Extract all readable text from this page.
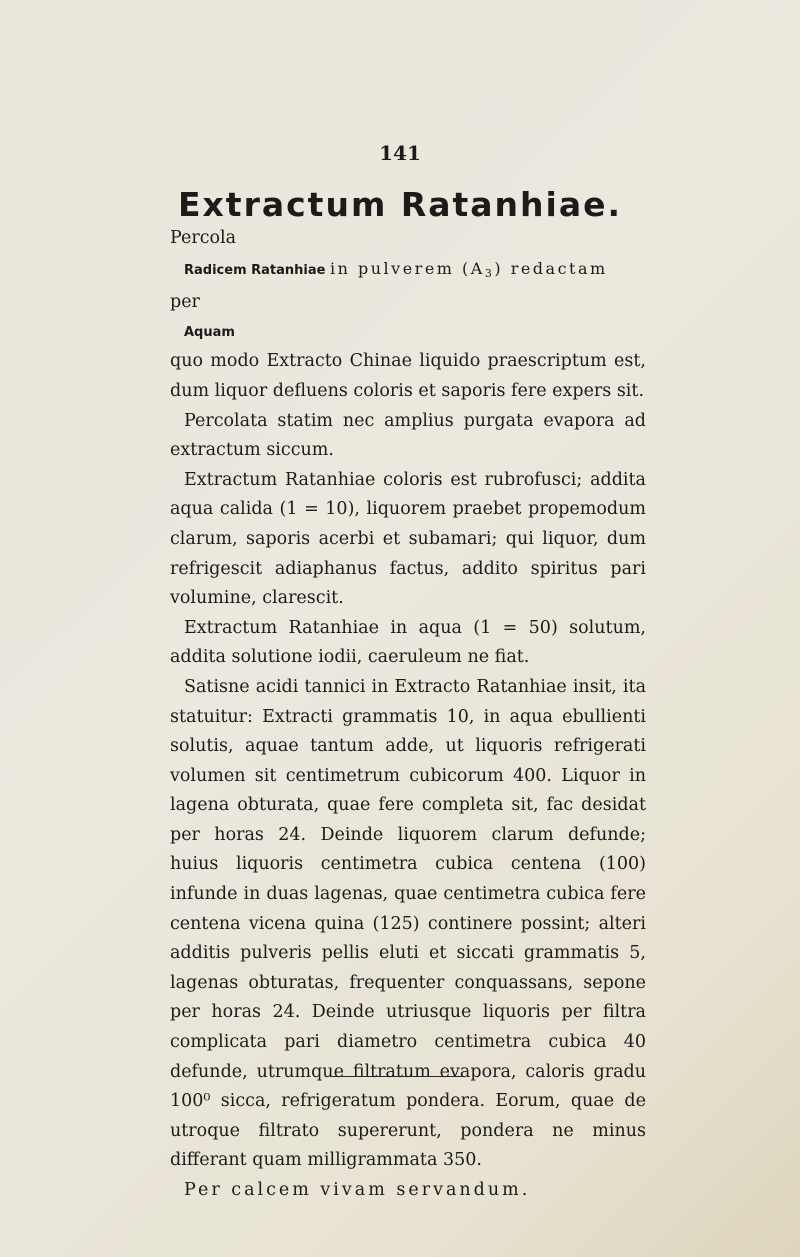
141
Extractum Ratanhiae.

Percola

Radicem Ratanhiae in pulverem $(A_3)$ redactam

per

Aquam

quo modo Extracto Chinae liquido praescriptum est, dum liquor defluens coloris et saporis fere expers sit.

Percolata statim nec amplius purgata evapora ad extractum siccum.

Extractum Ratanhiae coloris est rubrofusci; addita aqua calida (1 = 10), liquorem praebet propemodum clarum, saporis acerbi et subamari; qui liquor, dum refrigescit adiaphanus factus, addito spiritus pari volumine, clarescit.

Extractum Ratanhiae in aqua (1 = 50) solutum, addita solutione iodii, caeruleum ne fiat.

Satisne acidi tannici in Extracto Ratanhiae insit, ita statuitur: Extracti grammatis 10, in aqua ebullienti solutis, aquae tantum adde, ut liquoris refrigerati volumen sit centimetrum cubicorum 400. Liquor in lagena obturata, quae fere completa sit, fac desidat per horas 24. Deinde liquorem clarum defunde; huius liquoris centimetra cubica centena (100) infunde in duas lagenas, quae centimetra cubica fere centena vicena quina (125) continere possint; alteri additis pulveris pellis eluti et siccati grammatis 5, lagenas obturatas, frequenter conquassans, sepone per horas 24. Deinde utriusque liquoris per filtra complicata pari diametro centimetra cubica 40 defunde, utrumque filtratum evapora, caloris gradu 100⁰ sicca, refrigeratum pondera. Eorum, quae de utroque filtrato supererunt, pondera ne minus differant quam milligrammata 350.

Per calcem vivam servandum.
